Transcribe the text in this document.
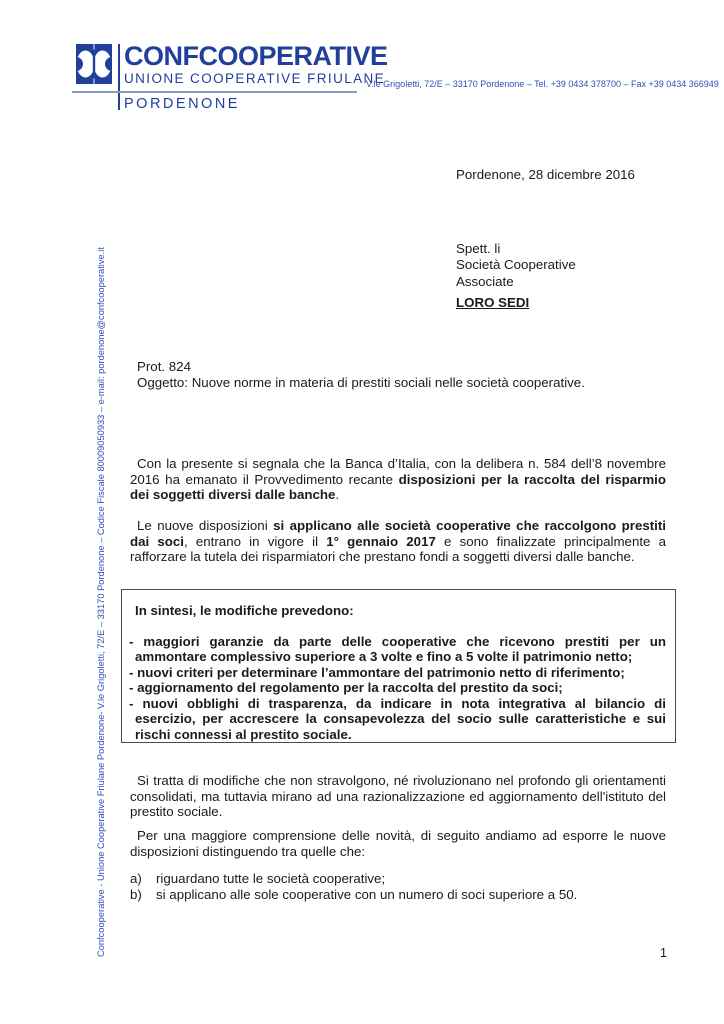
CONFCOOPERATIVE
UNIONE COOPERATIVE FRIULANE
PORDENONE
V.le Grigoletti, 72/E – 33170 Pordenone – Tel. +39 0434 378700 – Fax +39 0434 366949
Confcooperative - Unione Cooperative Friulane Pordenone- V.le Grigoletti, 72/E – 33170 Pordenone – Codice Fiscale 80009050933 – e-mail: pordenone@confcooperative.it
Pordenone, 28 dicembre 2016
Spett. li
Società Cooperative
Associate
LORO SEDI
Prot. 824
Oggetto: Nuove norme in materia di prestiti sociali nelle società cooperative.
Con la presente si segnala che la Banca d’Italia, con la delibera n. 584 dell’8 novembre 2016 ha emanato il Provvedimento recante disposizioni per la raccolta del risparmio dei soggetti diversi dalle banche.
Le nuove disposizioni si applicano alle società cooperative che raccolgono prestiti dai soci, entrano in vigore il 1° gennaio 2017 e sono finalizzate principalmente a rafforzare la tutela dei risparmiatori che prestano fondi a soggetti diversi dalle banche.

In sintesi, le modifiche prevedono:

- maggiori garanzie da parte delle cooperative che ricevono prestiti per un ammontare complessivo superiore a 3 volte e fino a 5 volte il patrimonio netto;

- nuovi criteri per determinare l’ammontare del patrimonio netto di riferimento;

- aggiornamento del regolamento per la raccolta del prestito da soci;

- nuovi obblighi di trasparenza, da indicare in nota integrativa al bilancio di esercizio, per accrescere la consapevolezza del socio sulle caratteristiche e sui rischi connessi al prestito sociale.

Si tratta di modifiche che non stravolgono, né rivoluzionano nel profondo gli orientamenti consolidati, ma tuttavia mirano ad una razionalizzazione ed aggiornamento dell'istituto del prestito sociale.
Per una maggiore comprensione delle novità, di seguito andiamo ad esporre le nuove disposizioni distinguendo tra quelle che:
a) riguardano tutte le società cooperative;
b) si applicano alle sole cooperative con un numero di soci superiore a 50.
1
